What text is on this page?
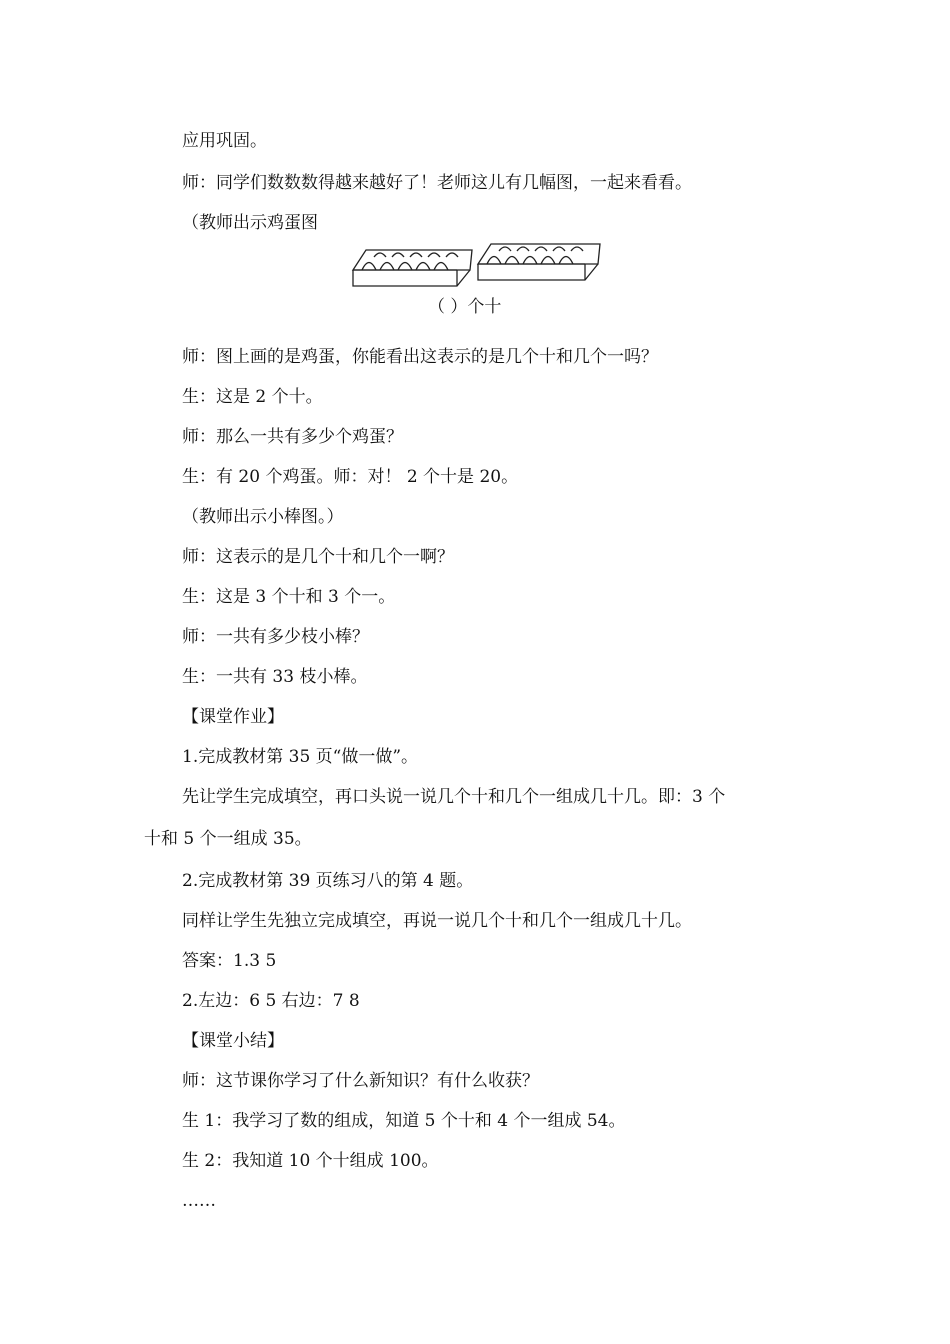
应用巩固。
师：同学们数数数得越来越好了！老师这儿有几幅图，一起来看看。
（教师出示鸡蛋图
（ ）个十
师：图上画的是鸡蛋，你能看出这表示的是几个十和几个一吗？
生：这是 2 个十。
师：那么一共有多少个鸡蛋？
生：有 20 个鸡蛋。师：对！ 2 个十是 20。
（教师出示小棒图。）
师：这表示的是几个十和几个一啊？
生：这是 3 个十和 3 个一。
师：一共有多少枝小棒？
生：一共有 33 枝小棒。
【课堂作业】
1.完成教材第 35 页“做一做”。
先让学生完成填空，再口头说一说几个十和几个一组成几十几。即：3 个
十和 5 个一组成 35。
2.完成教材第 39 页练习八的第 4 题。
同样让学生先独立完成填空，再说一说几个十和几个一组成几十几。
答案：1.3 5
2.左边：6 5 右边：7 8
【课堂小结】
师：这节课你学习了什么新知识？有什么收获？
生 1：我学习了数的组成，知道 5 个十和 4 个一组成 54。
生 2：我知道 10 个十组成 100。
……
